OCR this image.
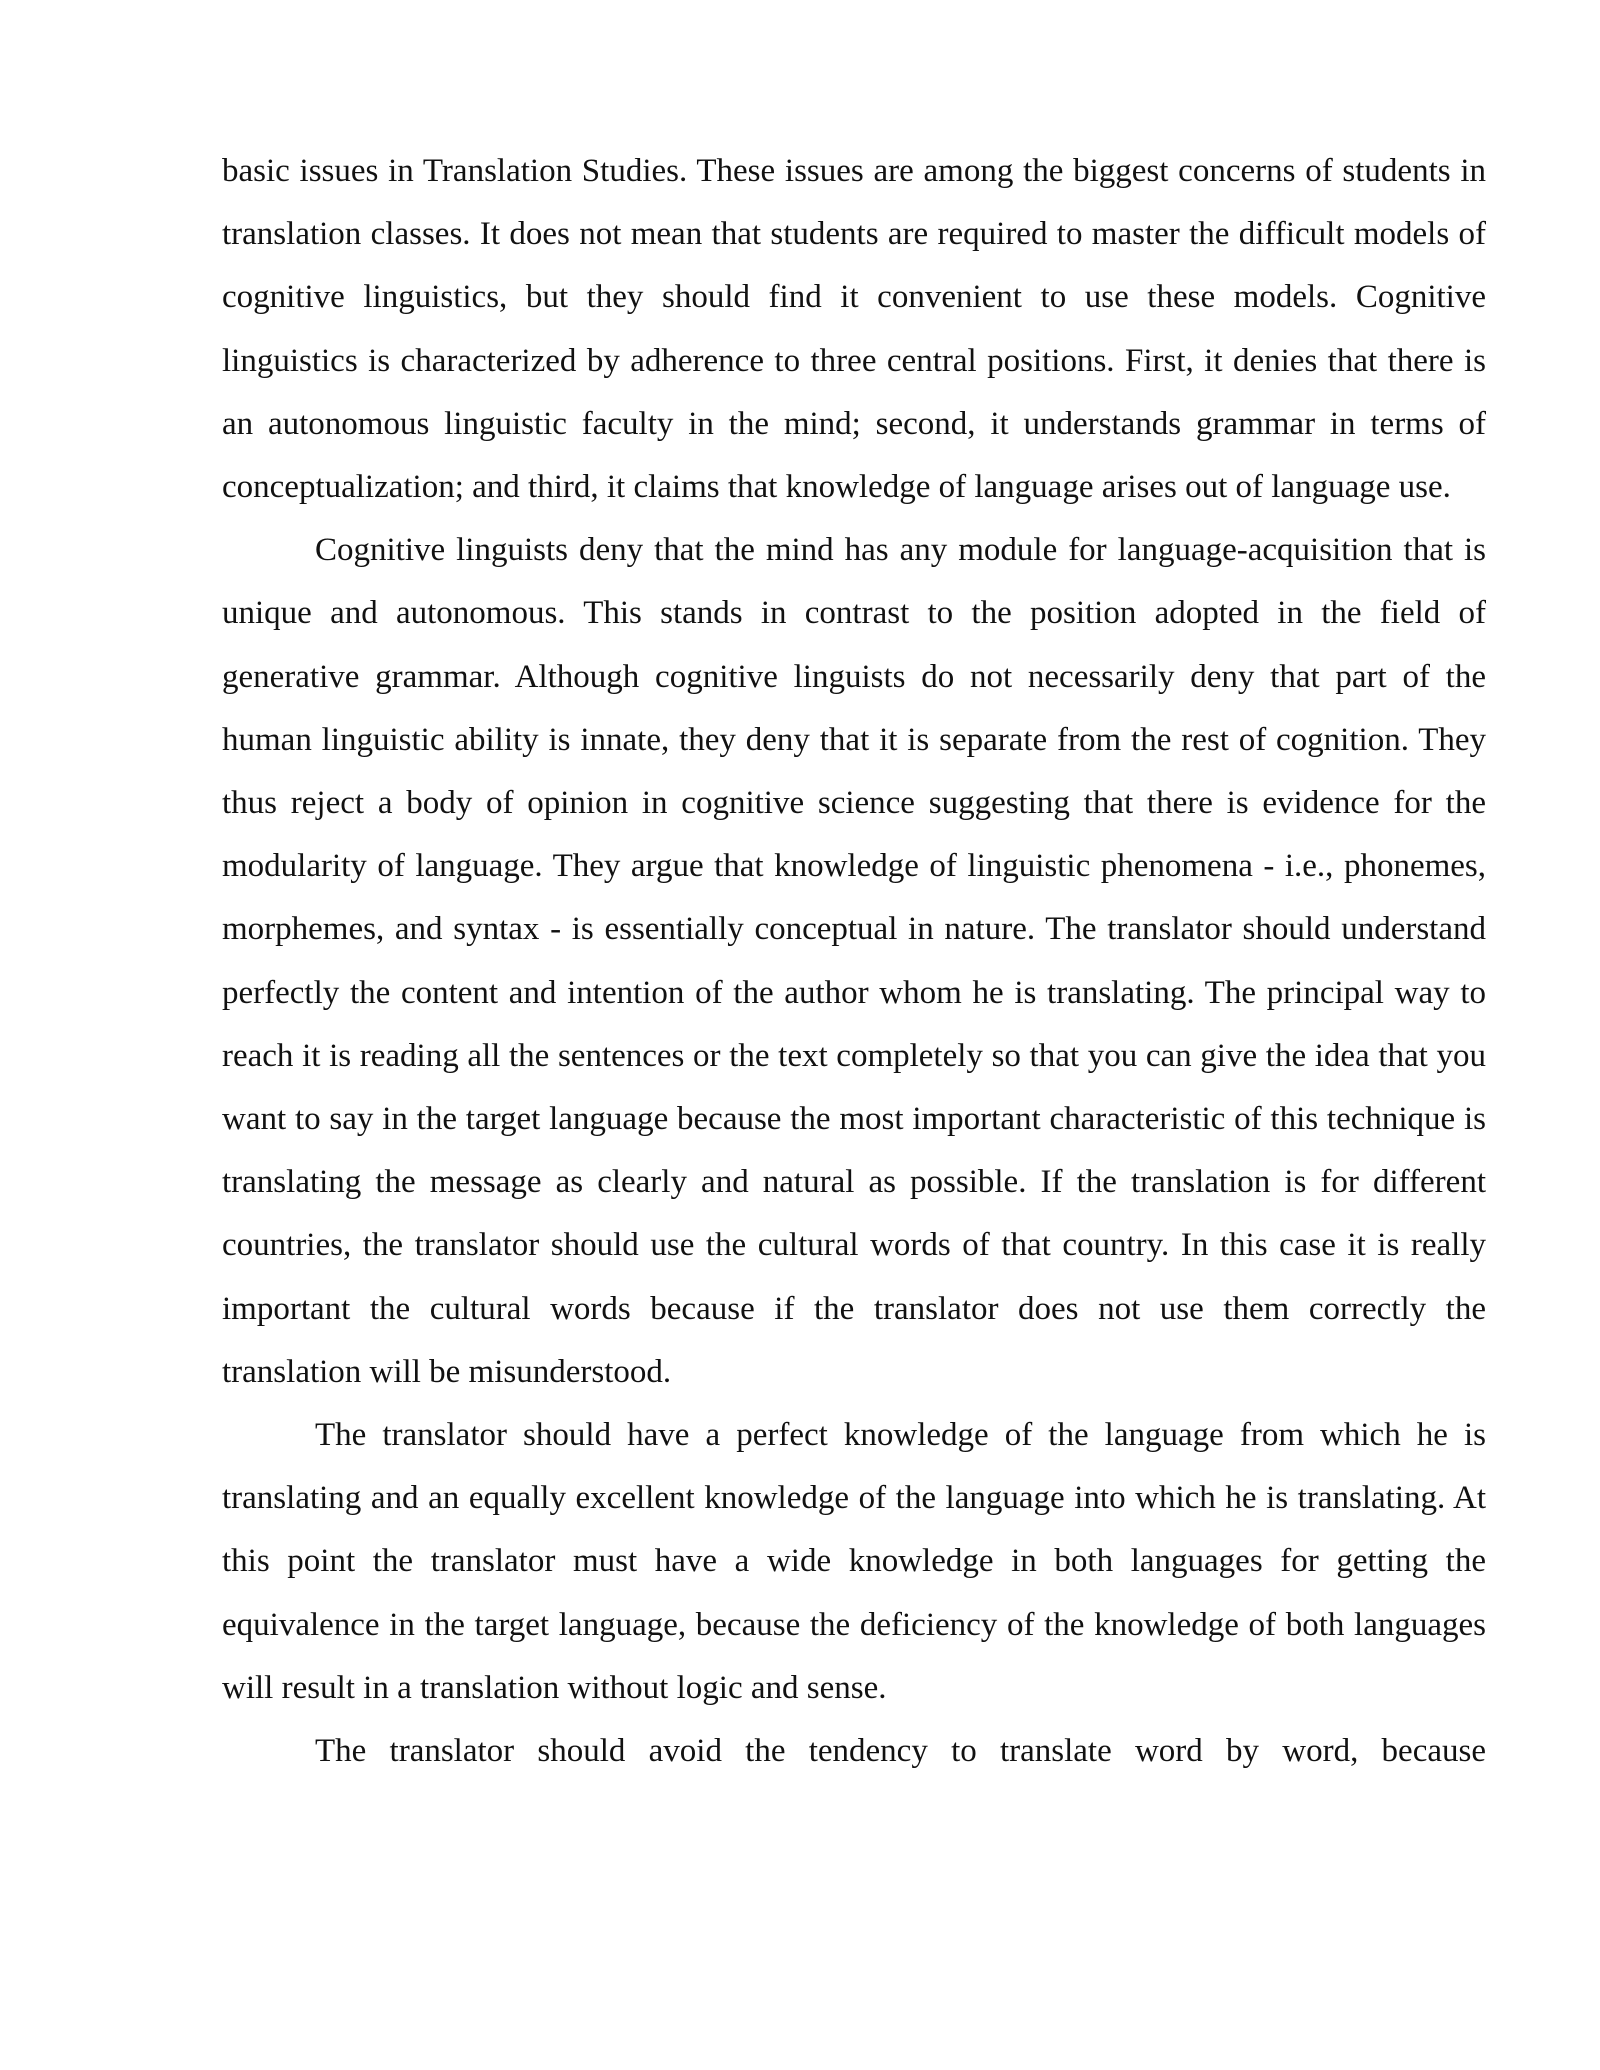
basic issues in Translation Studies. These issues are among the biggest concerns of students in translation classes. It does not mean that students are required to master the difficult models of cognitive linguistics, but they should find it convenient to use these models. Cognitive linguistics is characterized by adherence to three central positions. First, it denies that there is an autonomous linguistic faculty in the mind; second, it understands grammar in terms of conceptualization; and third, it claims that knowledge of language arises out of language use.

Cognitive linguists deny that the mind has any module for language-acquisition that is unique and autonomous. This stands in contrast to the position adopted in the field of generative grammar. Although cognitive linguists do not necessarily deny that part of the human linguistic ability is innate, they deny that it is separate from the rest of cognition. They thus reject a body of opinion in cognitive science suggesting that there is evidence for the modularity of language. They argue that knowledge of linguistic phenomena - i.e., phonemes, morphemes, and syntax - is essentially conceptual in nature. The translator should understand perfectly the content and intention of the author whom he is translating. The principal way to reach it is reading all the sentences or the text completely so that you can give the idea that you want to say in the target language because the most important characteristic of this technique is translating the message as clearly and natural as possible. If the translation is for different countries, the translator should use the cultural words of that country. In this case it is really important the cultural words because if the translator does not use them correctly the translation will be misunderstood.

The translator should have a perfect knowledge of the language from which he is translating and an equally excellent knowledge of the language into which he is translating. At this point the translator must have a wide knowledge in both languages for getting the equivalence in the target language, because the deficiency of the knowledge of both languages will result in a translation without logic and sense.

The translator should avoid the tendency to translate word by word, because
